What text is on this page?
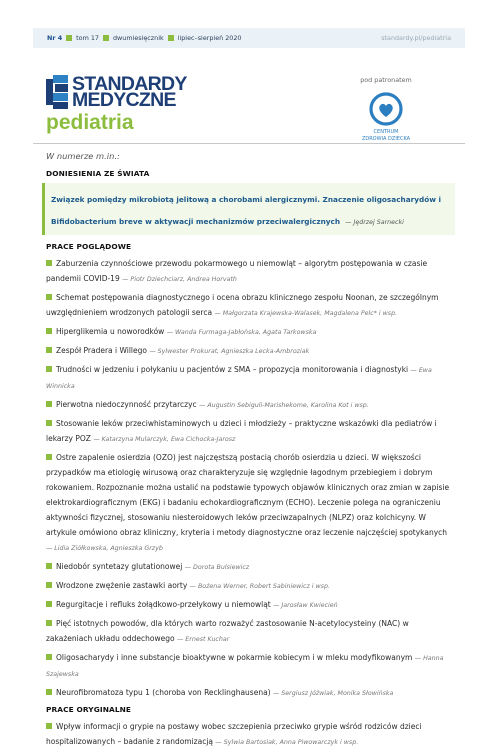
Nr 4 tom 17 dwumiesięcznik lipiec–sierpień 2020	standardy.pl/pediatria
STANDARDY
MEDYCZNE
pediatria
pod patronatem
CENTRUM
ZDROWIA DZIECKA
W numerze m.in.:
DONIESIENIA ZE ŚWIATA
Związek pomiędzy mikrobiotą jelitową a chorobami alergicznymi. Znaczenie oligosacharydów i Bifidobacterium breve w aktywacji mechanizmów przeciwalergicznych — Jędrzej Sarnecki
PRACE POGLĄDOWE
Zaburzenia czynnościowe przewodu pokarmowego u niemowląt – algorytm postępowania w czasie pandemii COVID-19 — Piotr Dziechciarz, Andrea Horvath
Schemat postępowania diagnostycznego i ocena obrazu klinicznego zespołu Noonan, ze szczególnym uwzględnieniem wrodzonych patologii serca — Małgorzata Krajewska-Walasek, Magdalena Pelc* i wsp.
Hiperglikemia u noworodków — Wanda Furmaga-Jabłońska, Agata Tarkowska
Zespół Pradera i Willego — Sylwester Prokurat, Agnieszka Lecka-Ambroziak
Trudności w jedzeniu i połykaniu u pacjentów z SMA – propozycja monitorowania i diagnostyki — Ewa Winnicka
Pierwotna niedoczynność przytarczyc — Augustin Sebiguli-Marishekome, Karolina Kot i wsp.
Stosowanie leków przeciwhistaminowych u dzieci i młodzieży – praktyczne wskazówki dla pediatrów i lekarzy POZ — Katarzyna Mularczyk, Ewa Cichocka-Jarosz
Ostre zapalenie osierdzia (OZO) jest najczęstszą postacią chorób osierdzia u dzieci. W większości przypadków ma etiologię wirusową oraz charakteryzuje się względnie łagodnym przebiegiem i dobrym rokowaniem. Rozpoznanie można ustalić na podstawie typowych objawów klinicznych oraz zmian w zapisie elektrokardiograficznym (EKG) i badaniu echokardiograficznym (ECHO). Leczenie polega na ograniczeniu aktywności fizycznej, stosowaniu niesteroidowych leków przeciwzapalnych (NLPZ) oraz kolchicyny. W artykule omówiono obraz kliniczny, kryteria i metody diagnostyczne oraz leczenie najczęściej spotykanych — Lidia Ziółkowska, Agnieszka Grzyb
Niedobór syntetazy glutationowej — Dorota Bulsiewicz
Wrodzone zwężenie zastawki aorty — Bożena Werner, Robert Sabiniewicz i wsp.
Regurgitacje i refluks żołądkowo-przełykowy u niemowląt — Jarosław Kwiecień
Pięć istotnych powodów, dla których warto rozważyć zastosowanie N-acetylocysteiny (NAC) w zakażeniach układu oddechowego — Ernest Kuchar
Oligosacharydy i inne substancje bioaktywne w pokarmie kobiecym i w mleku modyfikowanym — Hanna Szajewska
Neurofibromatoza typu 1 (choroba von Recklinghausena) — Sergiusz Jóźwiak, Monika Słowińska
PRACE ORYGINALNE
Wpływ informacji o grypie na postawy wobec szczepienia przeciwko grypie wśród rodziców dzieci hospitalizowanych – badanie z randomizacją — Sylwia Bartosiak, Anna Piwowarczyk i wsp.
